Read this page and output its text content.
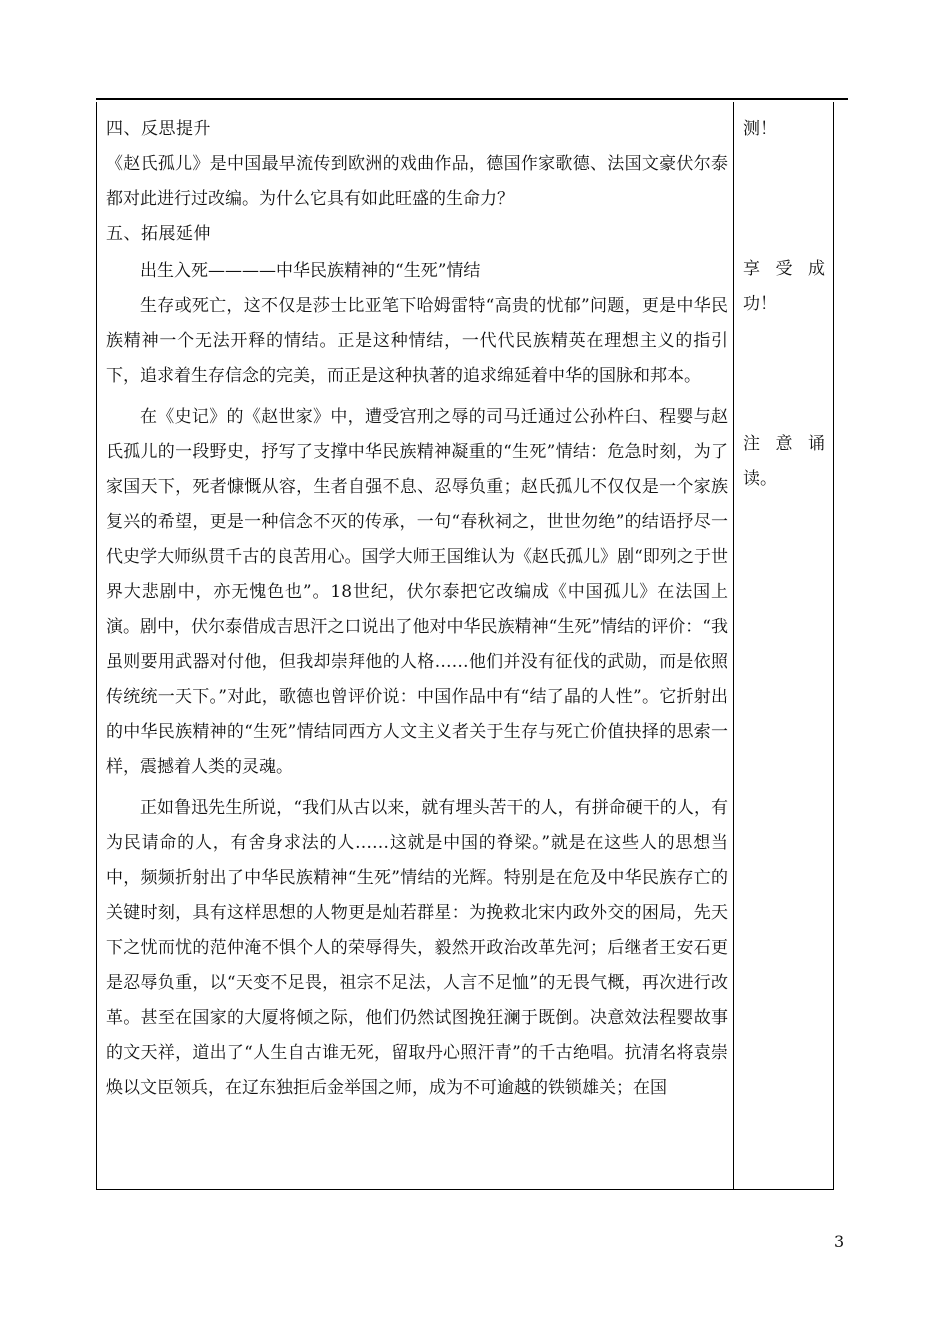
四、反思提升

《赵氏孤儿》是中国最早流传到欧洲的戏曲作品，德国作家歌德、法国文豪伏尔泰都对此进行过改编。为什么它具有如此旺盛的生命力？

五、拓展延伸

出生入死————中华民族精神的“生死”情结

生存或死亡，这不仅是莎士比亚笔下哈姆雷特“高贵的忧郁”问题，更是中华民族精神一个无法开释的情结。正是这种情结，一代代民族精英在理想主义的指引下，追求着生存信念的完美，而正是这种执著的追求绵延着中华的国脉和邦本。

在《史记》的《赵世家》中，遭受宫刑之辱的司马迁通过公孙杵臼、程婴与赵氏孤儿的一段野史，抒写了支撑中华民族精神凝重的“生死”情结：危急时刻，为了家国天下，死者慷慨从容，生者自强不息、忍辱负重；赵氏孤儿不仅仅是一个家族复兴的希望，更是一种信念不灭的传承，一句“春秋祠之，世世勿绝”的结语抒尽一代史学大师纵贯千古的良苦用心。国学大师王国维认为《赵氏孤儿》剧“即列之于世界大悲剧中，亦无愧色也”。18世纪，伏尔泰把它改编成《中国孤儿》在法国上演。剧中，伏尔泰借成吉思汗之口说出了他对中华民族精神“生死”情结的评价：“我虽则要用武器对付他，但我却崇拜他的人格……他们并没有征伐的武勋，而是依照传统统一天下。”对此，歌德也曾评价说：中国作品中有“结了晶的人性”。它折射出的中华民族精神的“生死”情结同西方人文主义者关于生存与死亡价值抉择的思索一样，震撼着人类的灵魂。

正如鲁迅先生所说，“我们从古以来，就有埋头苦干的人，有拼命硬干的人，有为民请命的人，有舍身求法的人……这就是中国的脊梁。”就是在这些人的思想当中，频频折射出了中华民族精神“生死”情结的光辉。特别是在危及中华民族存亡的关键时刻，具有这样思想的人物更是灿若群星：为挽救北宋内政外交的困局，先天下之忧而忧的范仲淹不惧个人的荣辱得失，毅然开政治改革先河；后继者王安石更是忍辱负重，以“天变不足畏，祖宗不足法，人言不足恤”的无畏气概，再次进行改革。甚至在国家的大厦将倾之际，他们仍然试图挽狂澜于既倒。决意效法程婴故事的文天祥，道出了“人生自古谁无死，留取丹心照汗青”的千古绝唱。抗清名将袁崇焕以文臣领兵，在辽东独拒后金举国之师，成为不可逾越的铁锁雄关；在国

测！

享受成功！

注意诵读。

3
